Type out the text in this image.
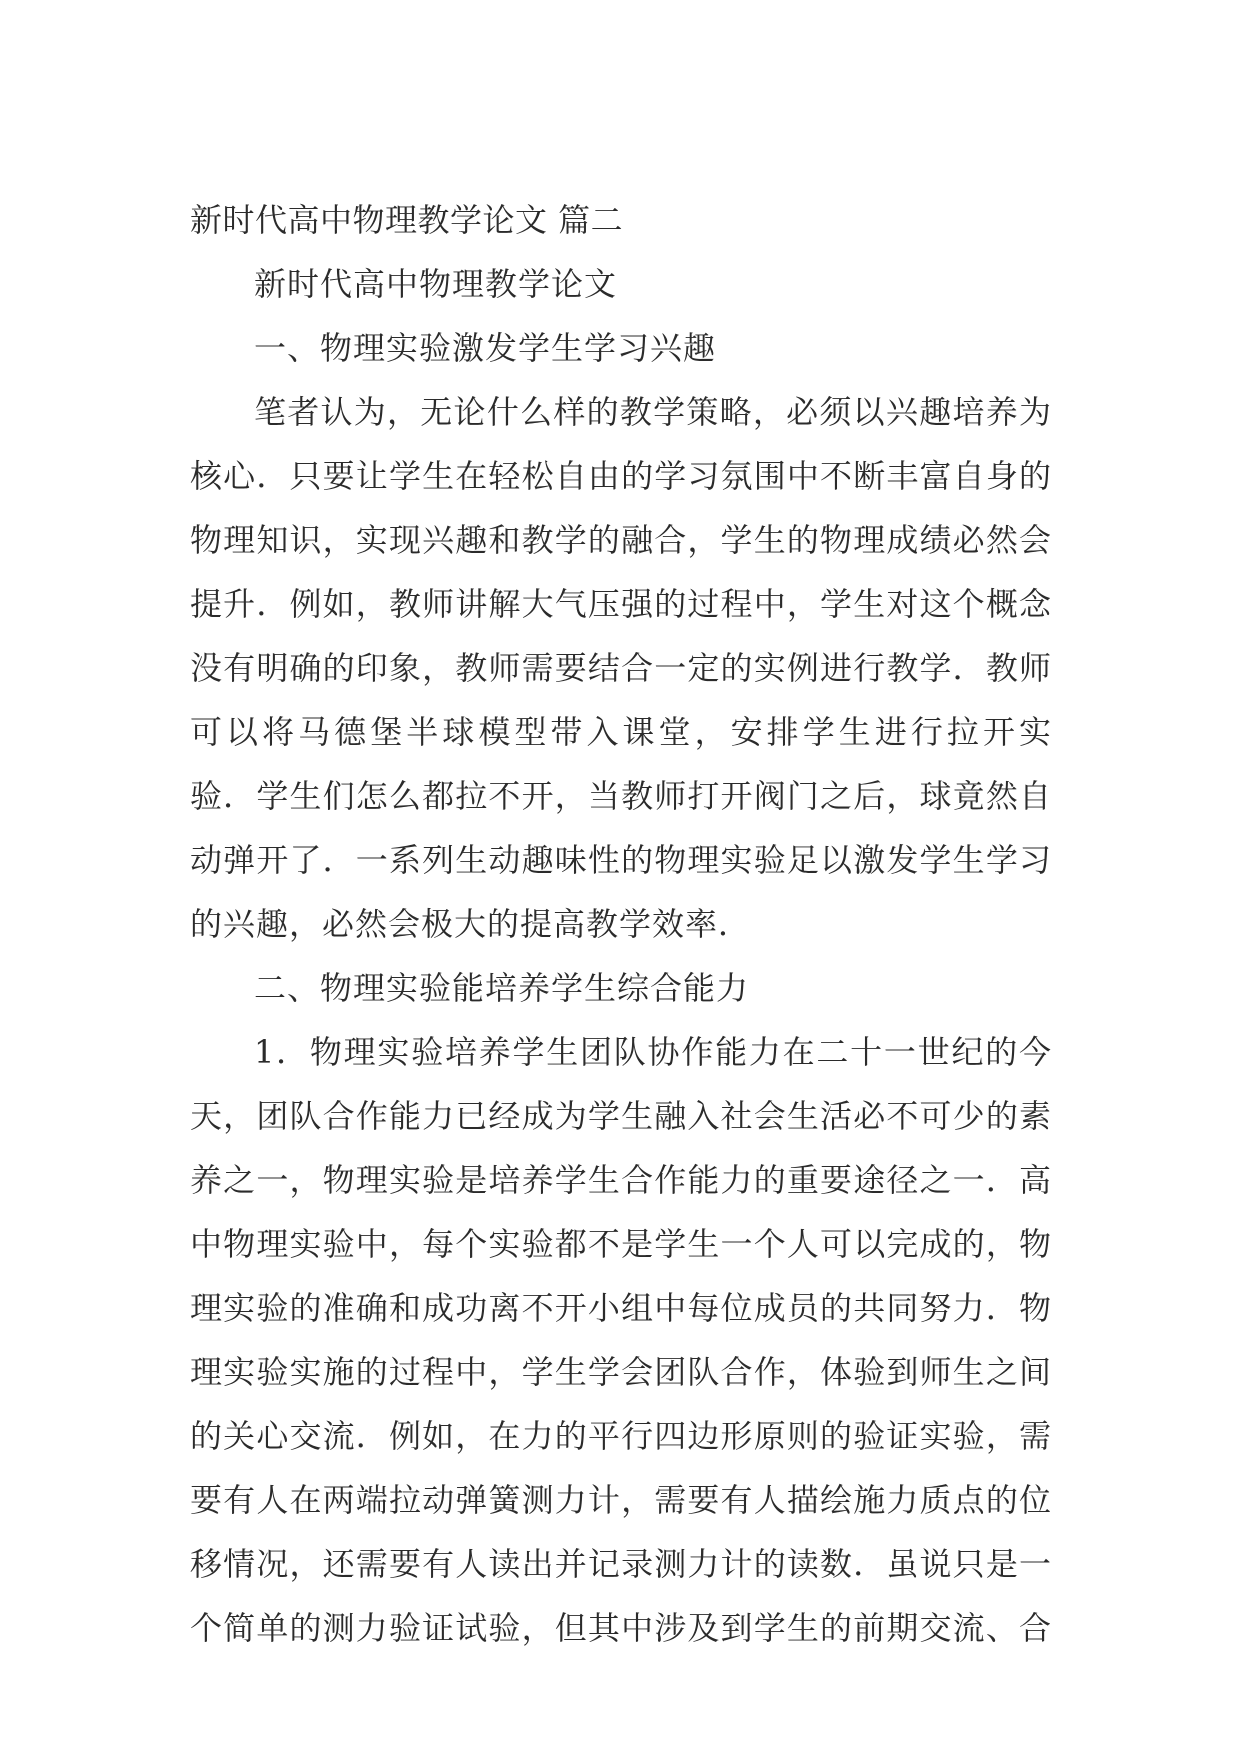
新时代高中物理教学论文 篇二
新时代高中物理教学论文
一、物理实验激发学生学习兴趣
笔者认为，无论什么样的教学策略，必须以兴趣培养为
核心．只要让学生在轻松自由的学习氛围中不断丰富自身的
物理知识，实现兴趣和教学的融合，学生的物理成绩必然会
提升．例如，教师讲解大气压强的过程中，学生对这个概念
没有明确的印象，教师需要结合一定的实例进行教学．教师
可以将马德堡半球模型带入课堂，安排学生进行拉开实
验．学生们怎么都拉不开，当教师打开阀门之后，球竟然自
动弹开了．一系列生动趣味性的物理实验足以激发学生学习
的兴趣，必然会极大的提高教学效率．
二、物理实验能培养学生综合能力
1．物理实验培养学生团队协作能力在二十一世纪的今
天，团队合作能力已经成为学生融入社会生活必不可少的素
养之一，物理实验是培养学生合作能力的重要途径之一．高
中物理实验中，每个实验都不是学生一个人可以完成的，物
理实验的准确和成功离不开小组中每位成员的共同努力．物
理实验实施的过程中，学生学会团队合作，体验到师生之间
的关心交流．例如，在力的平行四边形原则的验证实验，需
要有人在两端拉动弹簧测力计，需要有人描绘施力质点的位
移情况，还需要有人读出并记录测力计的读数．虽说只是一
个简单的测力验证试验，但其中涉及到学生的前期交流、合
